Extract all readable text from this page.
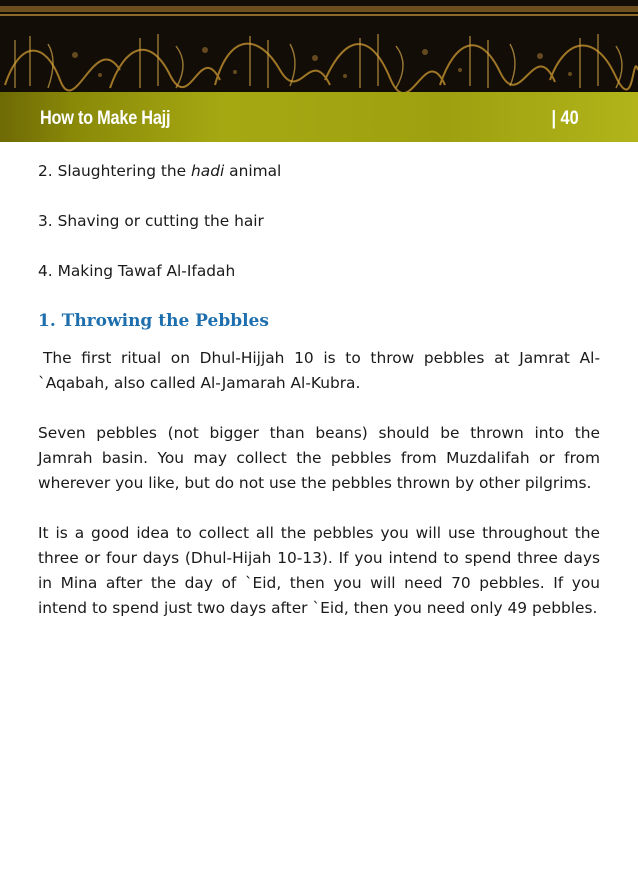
How to Make Hajj	| 40
2. Slaughtering the hadi animal
3. Shaving or cutting the hair
4. Making Tawaf Al-Ifadah
1. Throwing the Pebbles

The first ritual on Dhul-Hijjah 10 is to throw pebbles at Jamrat Al-`Aqabah, also called Al-Jamarah Al-Kubra.

Seven pebbles (not bigger than beans) should be thrown into the Jamrah basin. You may collect the pebbles from Muzdalifah or from wherever you like, but do not use the pebbles thrown by other pilgrims.

It is a good idea to collect all the pebbles you will use throughout the three or four days (Dhul-Hijah 10-13). If you intend to spend three days in Mina after the day of `Eid, then you will need 70 pebbles. If you intend to spend just two days after `Eid, then you need only 49 pebbles.
